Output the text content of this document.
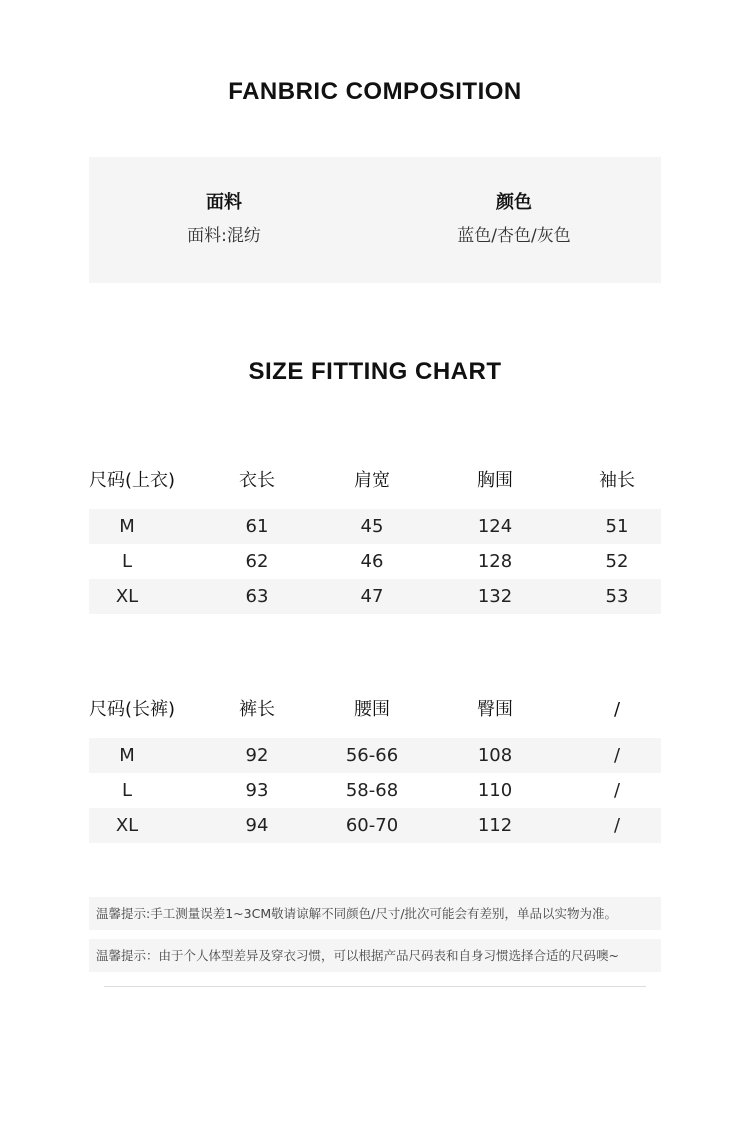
FANBRIC COMPOSITION
面料
面料:混纺
颜色
蓝色/杏色/灰色
SIZE FITTING CHART
尺码(上衣)	衣长	肩宽	胸围	袖长
M	61	45	124	51
L	62	46	128	52
XL	63	47	132	53
尺码(长裤)	裤长	腰围	臀围	/
M	92	56-66	108	/
L	93	58-68	110	/
XL	94	60-70	112	/
温馨提示:手工测量误差1~3CM敬请谅解不同颜色/尺寸/批次可能会有差别，单品以实物为准。
温馨提示：由于个人体型差异及穿衣习惯，可以根据产品尺码表和自身习惯选择合适的尺码噢~
